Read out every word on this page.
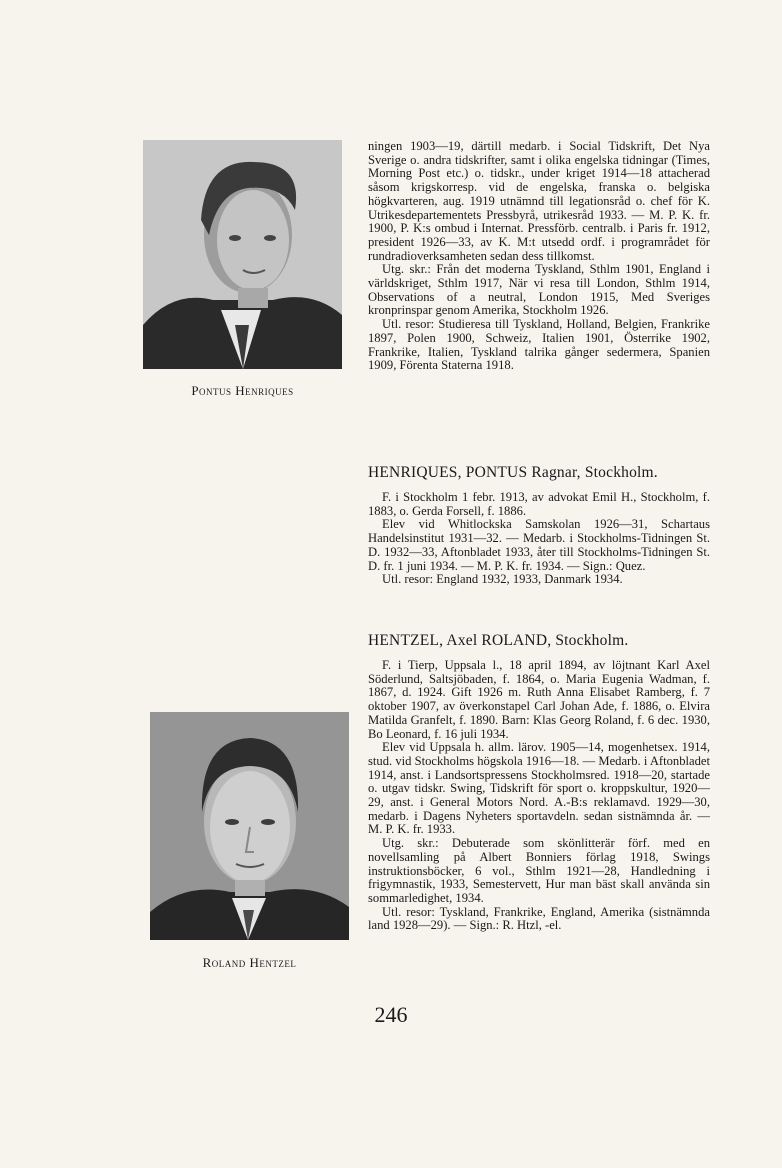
Pontus Henriques

ningen 1903—19, därtill medarb. i Social Tidskrift, Det Nya Sverige o. andra tidskrifter, samt i olika engelska tidningar (Times, Morning Post etc.) o. tidskr., under kriget 1914—18 attacherad såsom krigskorresp. vid de engelska, franska o. belgiska högkvarteren, aug. 1919 utnämnd till legationsråd o. chef för K. Utrikesdepartementets Pressbyrå, utrikesråd 1933. — M. P. K. fr. 1900, P. K:s ombud i Internat. Pressförb. centralb. i Paris fr. 1912, president 1926—33, av K. M:t utsedd ordf. i programrådet för rundradioverksamheten sedan dess tillkomst.

Utg. skr.: Från det moderna Tyskland, Sthlm 1901, England i världskriget, Sthlm 1917, När vi resa till London, Sthlm 1914, Observations of a neutral, London 1915, Med Sveriges kronprinspar genom Amerika, Stockholm 1926.

Utl. resor: Studieresa till Tyskland, Holland, Belgien, Frankrike 1897, Polen 1900, Schweiz, Italien 1901, Österrike 1902, Frankrike, Italien, Tyskland talrika gånger sedermera, Spanien 1909, Förenta Staterna 1918.

HENRIQUES, PONTUS Ragnar, Stockholm.

F. i Stockholm 1 febr. 1913, av advokat Emil H., Stockholm, f. 1883, o. Gerda Forsell, f. 1886.

Elev vid Whitlockska Samskolan 1926—31, Schartaus Handelsinstitut 1931—32. — Medarb. i Stockholms-Tidningen St. D. 1932—33, Aftonbladet 1933, åter till Stockholms-Tidningen St. D. fr. 1 juni 1934. — M. P. K. fr. 1934. — Sign.: Quez.

Utl. resor: England 1932, 1933, Danmark 1934.

HENTZEL, Axel ROLAND, Stockholm.

F. i Tierp, Uppsala l., 18 april 1894, av löjtnant Karl Axel Söderlund, Saltsjöbaden, f. 1864, o. Maria Eugenia Wadman, f. 1867, d. 1924. Gift 1926 m. Ruth Anna Elisabet Ramberg, f. 7 oktober 1907, av överkonstapel Carl Johan Ade, f. 1886, o. Elvira Matilda Granfelt, f. 1890. Barn: Klas Georg Roland, f. 6 dec. 1930, Bo Leonard, f. 16 juli 1934.

Elev vid Uppsala h. allm. lärov. 1905—14, mogenhetsex. 1914, stud. vid Stockholms högskola 1916—18. — Medarb. i Aftonbladet 1914, anst. i Landsortspressens Stockholmsred. 1918—20, startade o. utgav tidskr. Swing, Tidskrift för sport o. kroppskultur, 1920—29, anst. i General Motors Nord. A.-B:s reklamavd. 1929—30, medarb. i Dagens Nyheters sportavdeln. sedan sistnämnda år. — M. P. K. fr. 1933.

Utg. skr.: Debuterade som skönlitterär förf. med en novellsamling på Albert Bonniers förlag 1918, Swings instruktionsböcker, 6 vol., Sthlm 1921—28, Handledning i frigymnastik, 1933, Semestervett, Hur man bäst skall använda sin sommarledighet, 1934.

Utl. resor: Tyskland, Frankrike, England, Amerika (sistnämnda land 1928—29). — Sign.: R. Htzl, -el.

Roland Hentzel
246
